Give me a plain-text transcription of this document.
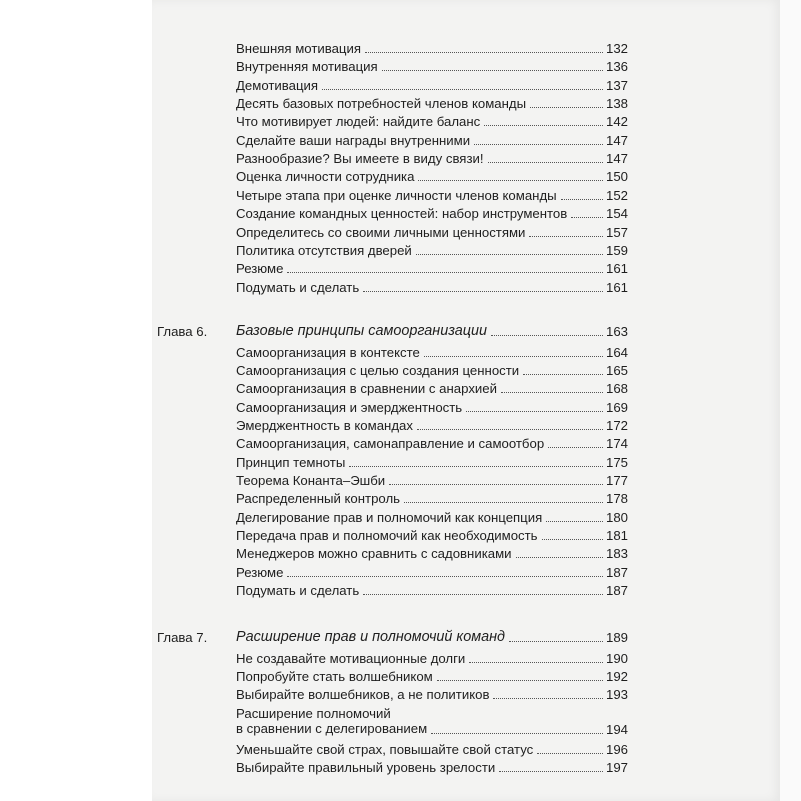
Внешняя мотивация	132
Внутренняя мотивация	136
Демотивация	137
Десять базовых потребностей членов команды	138
Что мотивирует людей: найдите баланс	142
Сделайте ваши награды внутренними	147
Разнообразие? Вы имеете в виду связи!	147
Оценка личности сотрудника	150
Четыре этапа при оценке личности членов команды	152
Создание командных ценностей: набор инструментов	154
Определитесь со своими личными ценностями	157
Политика отсутствия дверей	159
Резюме	161
Подумать и сделать	161
Глава 6. Базовые принципы самоорганизации	163
Самоорганизация в контексте	164
Самоорганизация с целью создания ценности	165
Самоорганизация в сравнении с анархией	168
Самоорганизация и эмерджентность	169
Эмерджентность в командах	172
Самоорганизация, самонаправление и самоотбор	174
Принцип темноты	175
Теорема Конанта–Эшби	177
Распределенный контроль	178
Делегирование прав и полномочий как концепция	180
Передача прав и полномочий как необходимость	181
Менеджеров можно сравнить с садовниками	183
Резюме	187
Подумать и сделать	187
Глава 7. Расширение прав и полномочий команд	189
Не создавайте мотивационные долги	190
Попробуйте стать волшебником	192
Выбирайте волшебников, а не политиков	193
Расширение полномочий
в сравнении с делегированием	194
Уменьшайте свой страх, повышайте свой статус	196
Выбирайте правильный уровень зрелости	197
